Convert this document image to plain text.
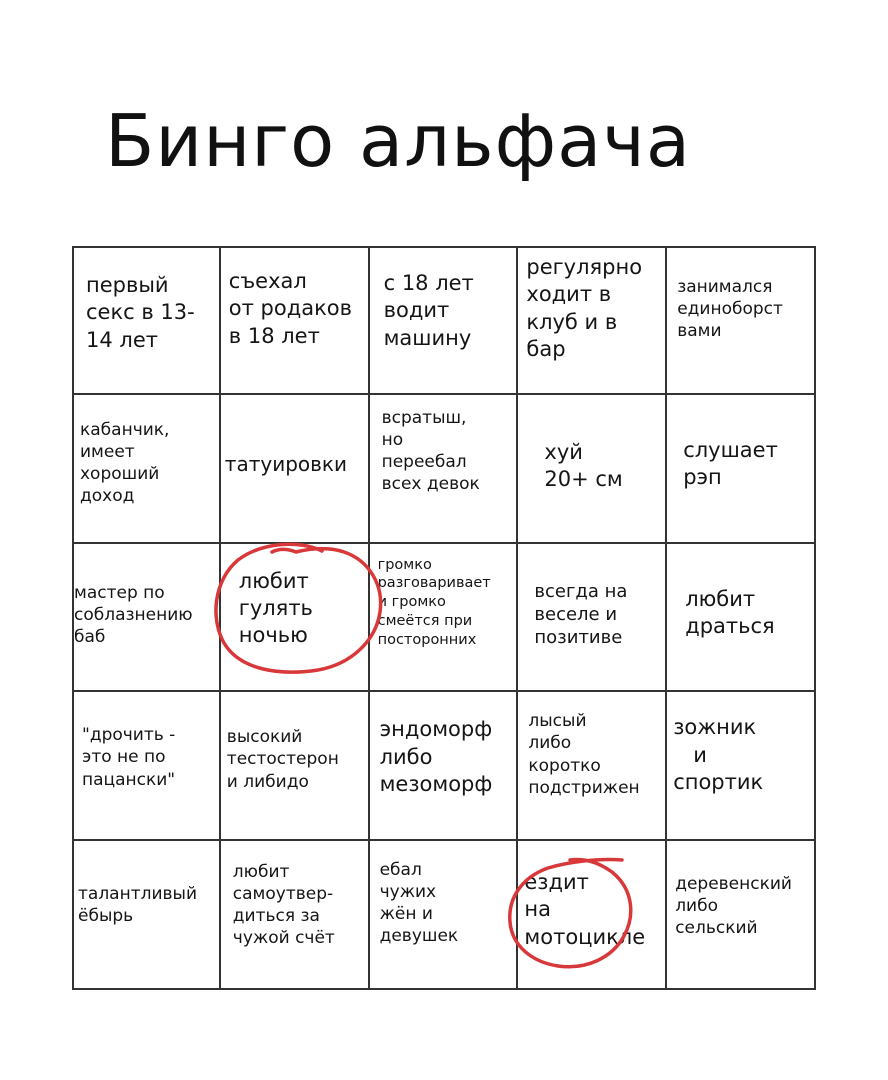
Бинго альфача
первый
секс в 13-
14 лет
съехал
от родаков
в 18 лет
с 18 лет
водит
машину
регулярно
ходит в
клуб и в
бар
занимался
единоборст
вами
кабанчик,
имеет
хороший
доход
татуировки
всратыш,
но
переебал
всех девок
хуй
20+ см
слушает
рэп
мастер по
соблазнению
баб
любит
гулять
ночью
громко
разговаривает
и громко
смеётся при
посторонних
всегда на
веселе и
позитиве
любит
драться
"дрочить -
это не по
пацански"
высокий
тестостерон
и либидо
эндоморф
либо
мезоморф
лысый
либо
коротко
подстрижен
зожник
и
спортик
талантливый
ёбырь
любит
самоутвер-
диться за
чужой счёт
ебал
чужих
жён и
девушек
ездит
на
мотоцикле
деревенский
либо
сельский
